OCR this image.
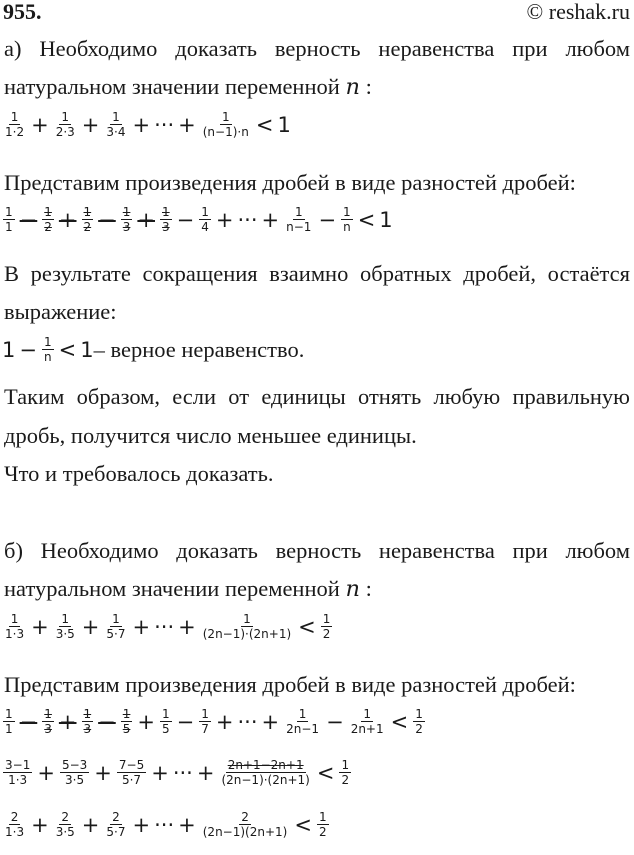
955.	© reshak.ru
а) Необходимо доказать верность неравенства при любом
натуральном значении переменной n :
$\frac{1}{1\cdot 2} + \frac{1}{2\cdot 3} + \frac{1}{3\cdot 4}$ + ··· + $\frac{1}{(n-1)\cdot n} < 1$
Представим произведения дробей в виде разностей дробей:
$\frac{1}{1} - \frac{1}{2} + \frac{1}{2} - \frac{1}{3} + \frac{1}{3} - \frac{1}{4}$ + ··· + $\frac{1}{n-1} - \frac{1}{n} < 1$
В результате сокращения взаимно обратных дробей, остаётся
выражение:
$1 - \frac{1}{n} < 1$ – верное неравенство.
Таким образом, если от единицы отнять любую правильную
дробь, получится число меньшее единицы.
Что и требовалось доказать.
б) Необходимо доказать верность неравенства при любом
натуральном значении переменной n :
$\frac{1}{1\cdot 3} + \frac{1}{3\cdot 5} + \frac{1}{5\cdot 7}$ + ··· + $\frac{1}{(2n-1)\cdot(2n+1)} < \frac{1}{2}$
Представим произведения дробей в виде разностей дробей:
$\frac{1}{1} - \frac{1}{3} + \frac{1}{3} - \frac{1}{5} + \frac{1}{5} - \frac{1}{7}$ + ··· + $\frac{1}{2n-1} - \frac{1}{2n+1} < \frac{1}{2}$
$\frac{3-1}{1\cdot 3} + \frac{5-3}{3\cdot 5} + \frac{7-5}{5\cdot 7}$ + ··· + $\frac{2n+1-2n+1}{(2n-1)\cdot(2n+1)} < \frac{1}{2}$
$\frac{2}{1\cdot 3} + \frac{2}{3\cdot 5} + \frac{2}{5\cdot 7}$ + ··· + $\frac{2}{(2n-1)(2n+1)} < \frac{1}{2}$
